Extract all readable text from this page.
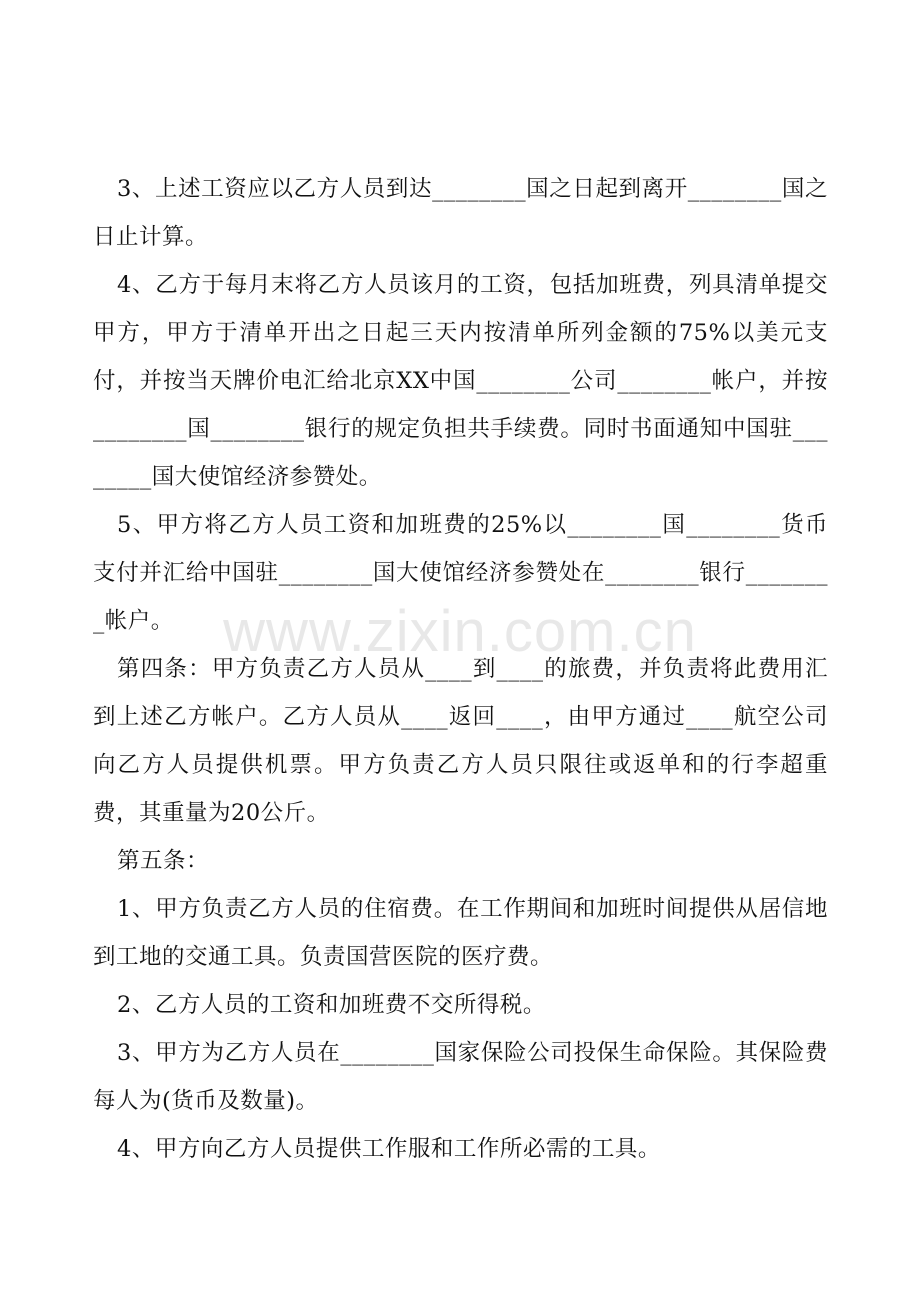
www.zixin.com.cn

3、上述工资应以乙方人员到达________国之日起到离开________国之日止计算。

4、乙方于每月末将乙方人员该月的工资，包括加班费，列具清单提交甲方，甲方于清单开出之日起三天内按清单所列金额的75%以美元支付，并按当天牌价电汇给北京XX中国________公司________帐户，并按________国________银行的规定负担共手续费。同时书面通知中国驻________国大使馆经济参赞处。

5、甲方将乙方人员工资和加班费的25%以________国________货币支付并汇给中国驻________国大使馆经济参赞处在________银行________帐户。

第四条：甲方负责乙方人员从____到____的旅费，并负责将此费用汇到上述乙方帐户。乙方人员从____返回____，由甲方通过____航空公司向乙方人员提供机票。甲方负责乙方人员只限往或返单和的行李超重费，其重量为20公斤。

第五条：

1、甲方负责乙方人员的住宿费。在工作期间和加班时间提供从居信地到工地的交通工具。负责国营医院的医疗费。

2、乙方人员的工资和加班费不交所得税。

3、甲方为乙方人员在________国家保险公司投保生命保险。其保险费每人为(货币及数量)。

4、甲方向乙方人员提供工作服和工作所必需的工具。
